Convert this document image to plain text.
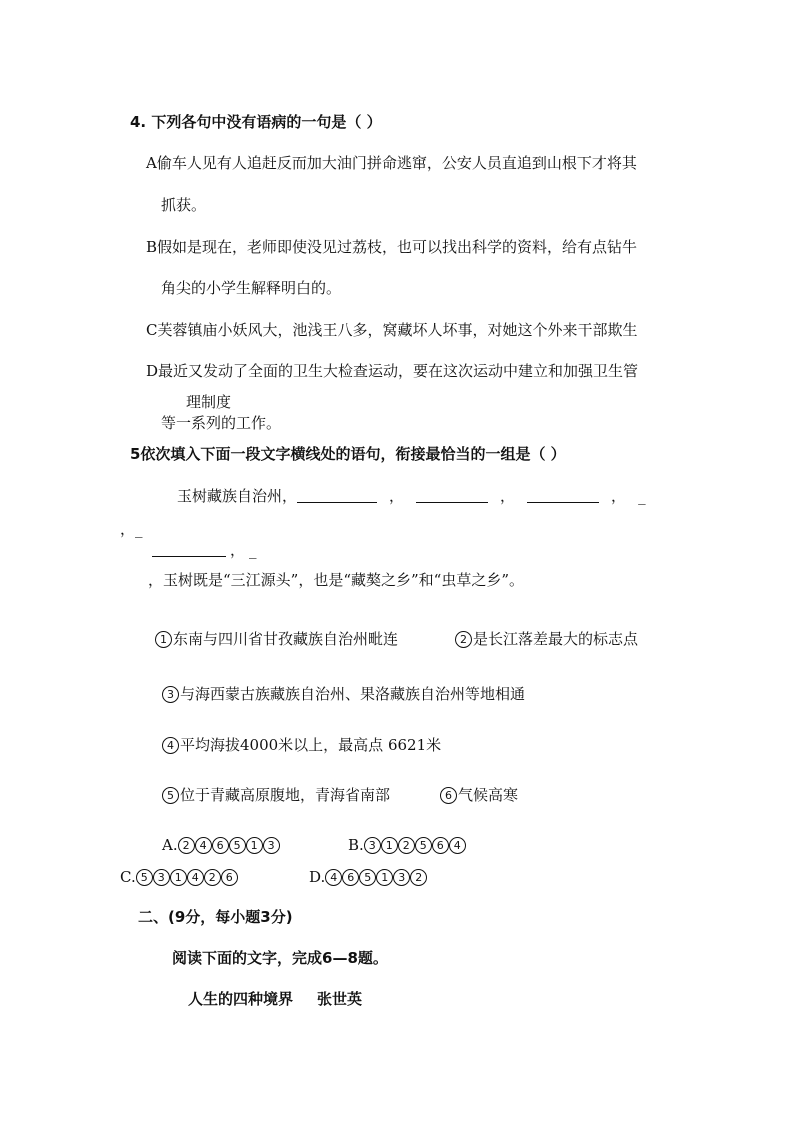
4. 下列各句中没有语病的一句是（ ）
A偷车人见有人追赶反而加大油门拼命逃窜，公安人员直追到山根下才将其
抓获。
B假如是现在，老师即使没见过荔枝，也可以找出科学的资料，给有点钻牛
角尖的小学生解释明白的。
C芙蓉镇庙小妖风大，池浅王八多，窝藏坏人坏事，对她这个外来干部欺生
D最近又发动了全面的卫生大检查运动，要在这次运动中建立和加强卫生管
理制度
等一系列的工作。
5依次填入下面一段文字横线处的语句，衔接最恰当的一组是（ ）
玉树藏族自治州，	，	，	， _
，_
， _
，玉树既是“三江源头”，也是“藏獒之乡”和“虫草之乡”。
1 东南与四川省甘孜藏族自治州毗连	2 是长江落差最大的标志点
3 与海西蒙古族藏族自治州、果洛藏族自治州等地相通
4 平均海拔4000米以上，最高点 6621米
5 位于青藏高原腹地，青海省南部	6 气候高寒
A. 2 4 6 5 1 3	B. 3 1 2 5 6 4
C. 5 3 1 4 2 6	D. 4 6 5 1 3 2
二、(9分，每小题3分)
阅读下面的文字，完成6—8题。
人生的四种境界 张世英
